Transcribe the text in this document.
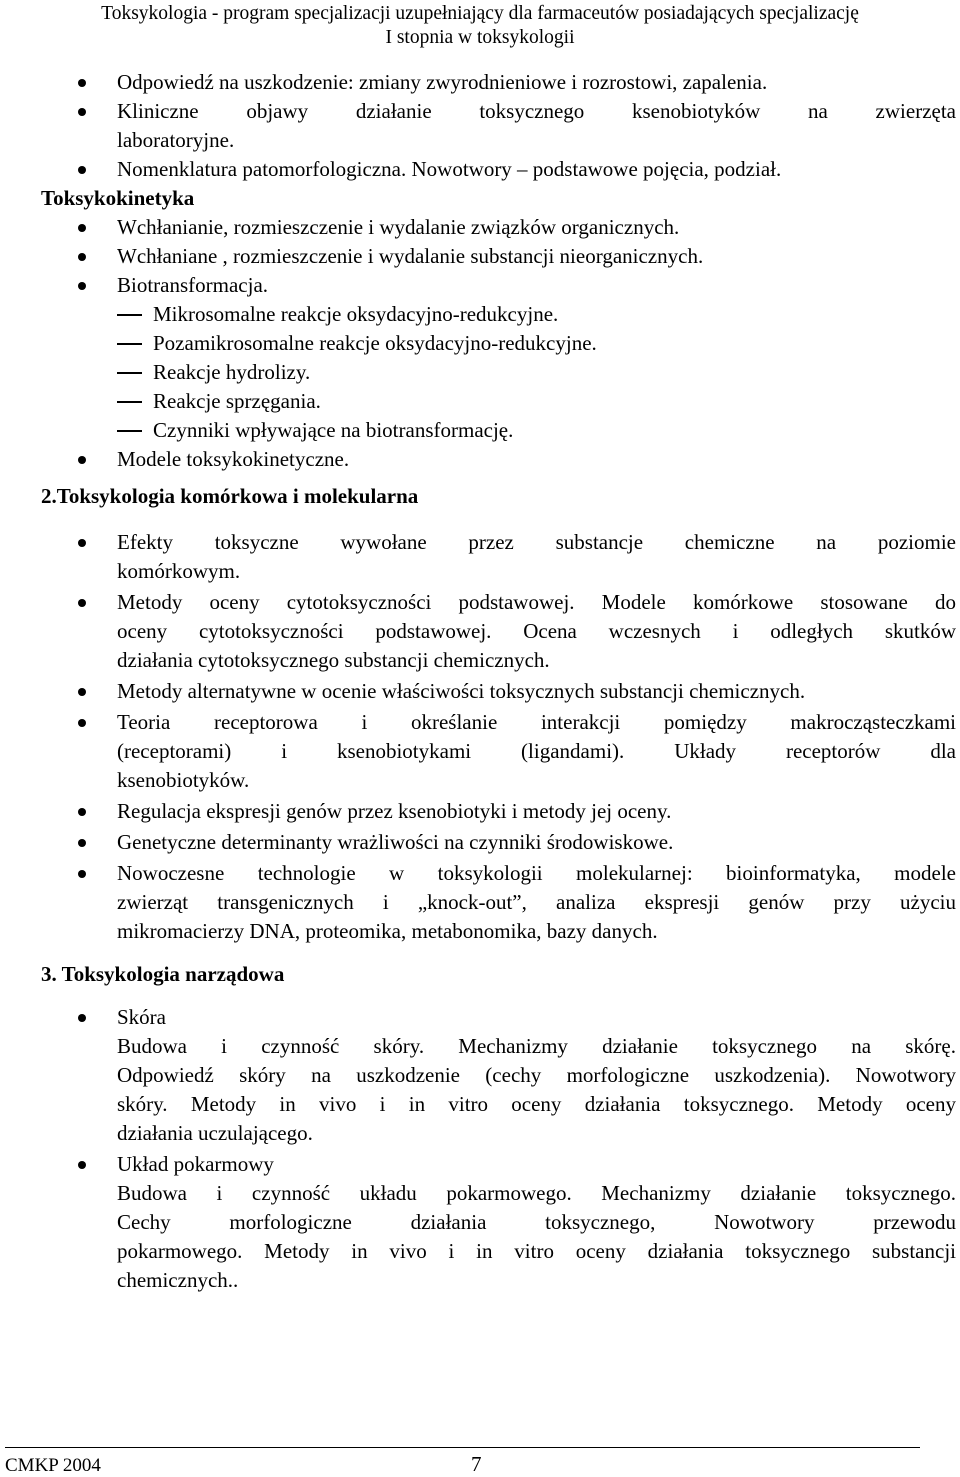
Toksykologia - program specjalizacji uzupełniający dla farmaceutów posiadających specjalizację
I stopnia w toksykologii
Odpowiedź na uszkodzenie: zmiany zwyrodnieniowe i rozrostowi, zapalenia.
Kliniczne objawy działanie toksycznego ksenobiotyków na zwierzęta
laboratoryjne.
Nomenklatura patomorfologiczna. Nowotwory – podstawowe pojęcia, podział.
Toksykokinetyka
Wchłanianie, rozmieszczenie i wydalanie związków organicznych.
Wchłaniane , rozmieszczenie i wydalanie substancji nieorganicznych.
Biotransformacja.
Mikrosomalne reakcje oksydacyjno-redukcyjne.
Pozamikrosomalne reakcje oksydacyjno-redukcyjne.
Reakcje hydrolizy.
Reakcje sprzęgania.
Czynniki wpływające na biotransformację.
Modele toksykokinetyczne.
2.Toksykologia komórkowa i molekularna
Efekty toksyczne wywołane przez substancje chemiczne na poziomie
komórkowym.
Metody oceny cytotoksyczności podstawowej. Modele komórkowe stosowane do
oceny cytotoksyczności podstawowej. Ocena wczesnych i odległych skutków
działania cytotoksycznego substancji chemicznych.
Metody alternatywne w ocenie właściwości toksycznych substancji chemicznych.
Teoria receptorowa i określanie interakcji pomiędzy makrocząsteczkami
(receptorami) i ksenobiotykami (ligandami). Układy receptorów dla
ksenobiotyków.
Regulacja ekspresji genów przez ksenobiotyki i metody jej oceny.
Genetyczne determinanty wrażliwości na czynniki środowiskowe.
Nowoczesne technologie w toksykologii molekularnej: bioinformatyka, modele
zwierząt transgenicznych i „knock-out”, analiza ekspresji genów przy użyciu
mikromacierzy DNA, proteomika, metabonomika, bazy danych.
3. Toksykologia narządowa
Skóra
Budowa i czynność skóry. Mechanizmy działanie toksycznego na skórę.
Odpowiedź skóry na uszkodzenie (cechy morfologiczne uszkodzenia). Nowotwory
skóry. Metody in vivo i in vitro oceny działania toksycznego. Metody oceny
działania uczulającego.
Układ pokarmowy
Budowa i czynność układu pokarmowego. Mechanizmy działanie toksycznego.
Cechy morfologiczne działania toksycznego, Nowotwory przewodu
pokarmowego. Metody in vivo i in vitro oceny działania toksycznego substancji
chemicznych..
CMKP 2004	7
